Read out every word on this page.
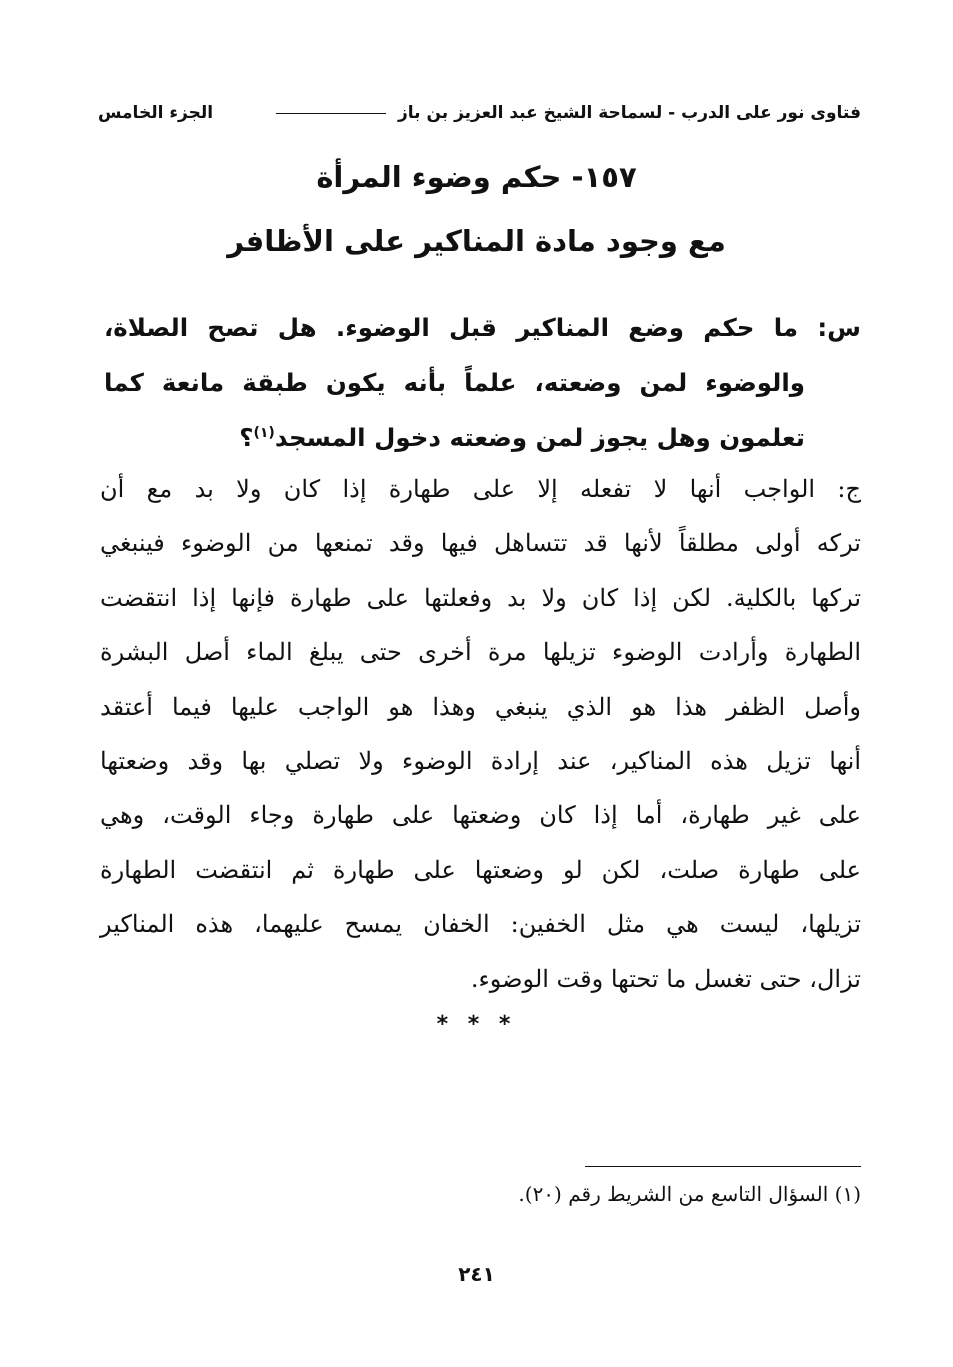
فتاوى نور على الدرب - لسماحة الشيخ عبد العزيز بن باز
الجزء الخامس
١٥٧- حكم وضوء المرأة
مع وجود مادة المناكير على الأظافر
س: ما حكم وضع المناكير قبل الوضوء. هل تصح الصلاة،
والوضوء لمن وضعته، علماً بأنه يكون طبقة مانعة كما
تعلمون وهل يجوز لمن وضعته دخول المسجد$^{(١)}$؟
ج: الواجب أنها لا تفعله إلا على طهارة إذا كان ولا بد مع أن
تركه أولى مطلقاً لأنها قد تتساهل فيها وقد تمنعها من الوضوء فينبغي
تركها بالكلية. لكن إذا كان ولا بد وفعلتها على طهارة فإنها إذا انتقضت
الطهارة وأرادت الوضوء تزيلها مرة أخرى حتى يبلغ الماء أصل البشرة
وأصل الظفر هذا هو الذي ينبغي وهذا هو الواجب عليها فيما أعتقد
أنها تزيل هذه المناكير، عند إرادة الوضوء ولا تصلي بها وقد وضعتها
على غير طهارة، أما إذا كان وضعتها على طهارة وجاء الوقت، وهي
على طهارة صلت، لكن لو وضعتها على طهارة ثم انتقضت الطهارة
تزيلها، ليست هي مثل الخفين: الخفان يمسح عليهما، هذه المناكير
تزال، حتى تغسل ما تحتها وقت الوضوء.
* * *
(١) السؤال التاسع من الشريط رقم (٢٠).
٢٤١
